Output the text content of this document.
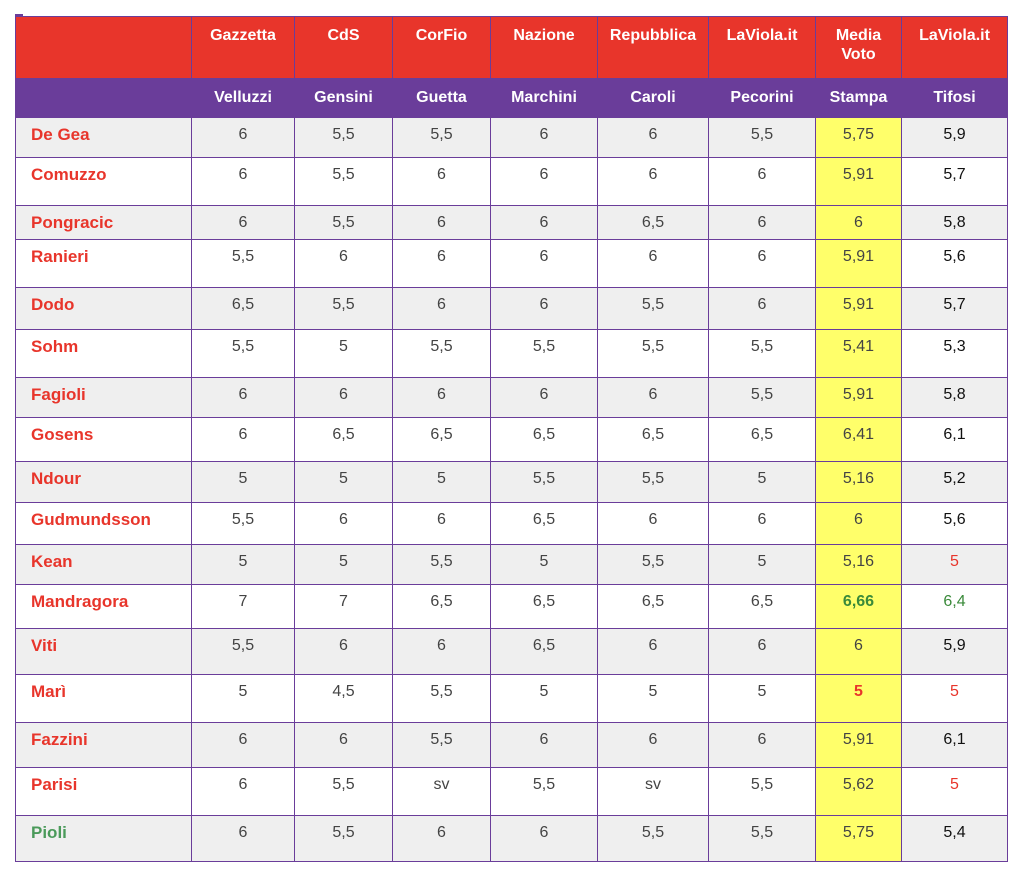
	Gazzetta	CdS	CorFio	Nazione	Repubblica	LaViola.it	Media Voto	LaViola.it
	Velluzzi	Gensini	Guetta	Marchini	Caroli	Pecorini	Stampa	Tifosi
De Gea	6	5,5	5,5	6	6	5,5	5,75	5,9
Comuzzo	6	5,5	6	6	6	6	5,91	5,7
Pongracic	6	5,5	6	6	6,5	6	6	5,8
Ranieri	5,5	6	6	6	6	6	5,91	5,6
Dodo	6,5	5,5	6	6	5,5	6	5,91	5,7
Sohm	5,5	5	5,5	5,5	5,5	5,5	5,41	5,3
Fagioli	6	6	6	6	6	5,5	5,91	5,8
Gosens	6	6,5	6,5	6,5	6,5	6,5	6,41	6,1
Ndour	5	5	5	5,5	5,5	5	5,16	5,2
Gudmundsson	5,5	6	6	6,5	6	6	6	5,6
Kean	5	5	5,5	5	5,5	5	5,16	5
Mandragora	7	7	6,5	6,5	6,5	6,5	6,66	6,4
Viti	5,5	6	6	6,5	6	6	6	5,9
Marì	5	4,5	5,5	5	5	5	5	5
Fazzini	6	6	5,5	6	6	6	5,91	6,1
Parisi	6	5,5	sv	5,5	sv	5,5	5,62	5
Pioli	6	5,5	6	6	5,5	5,5	5,75	5,4
